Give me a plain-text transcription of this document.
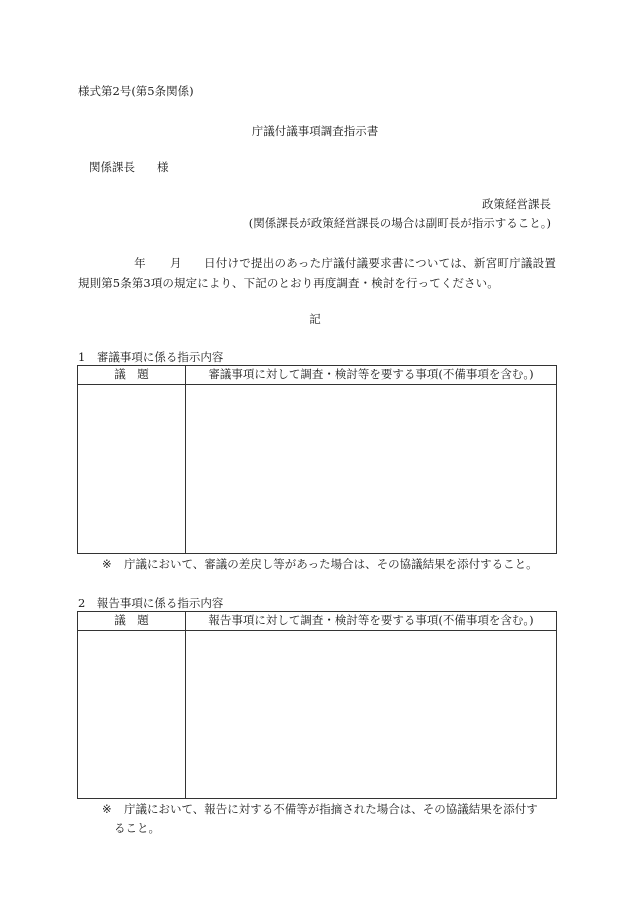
様式第2号(第5条関係)
庁議付議事項調査指示書
関係課長 様
政策経営課長
(関係課長が政策経営課長の場合は副町長が指示すること。)
年 月 日付けで提出のあった庁議付議要求書については、新宮町庁議設置規則第5条第3項の規定により、下記のとおり再度調査・検討を行ってください。
記
1　審議事項に係る指示内容
議　題	審議事項に対して調査・検討等を要する事項(不備事項を含む。)

※ 庁議において、審議の差戻し等があった場合は、その協議結果を添付すること。
2　報告事項に係る指示内容
議　題	報告事項に対して調査・検討等を要する事項(不備事項を含む。)

※ 庁議において、報告に対する不備等が指摘された場合は、その協議結果を添付す
ること。
